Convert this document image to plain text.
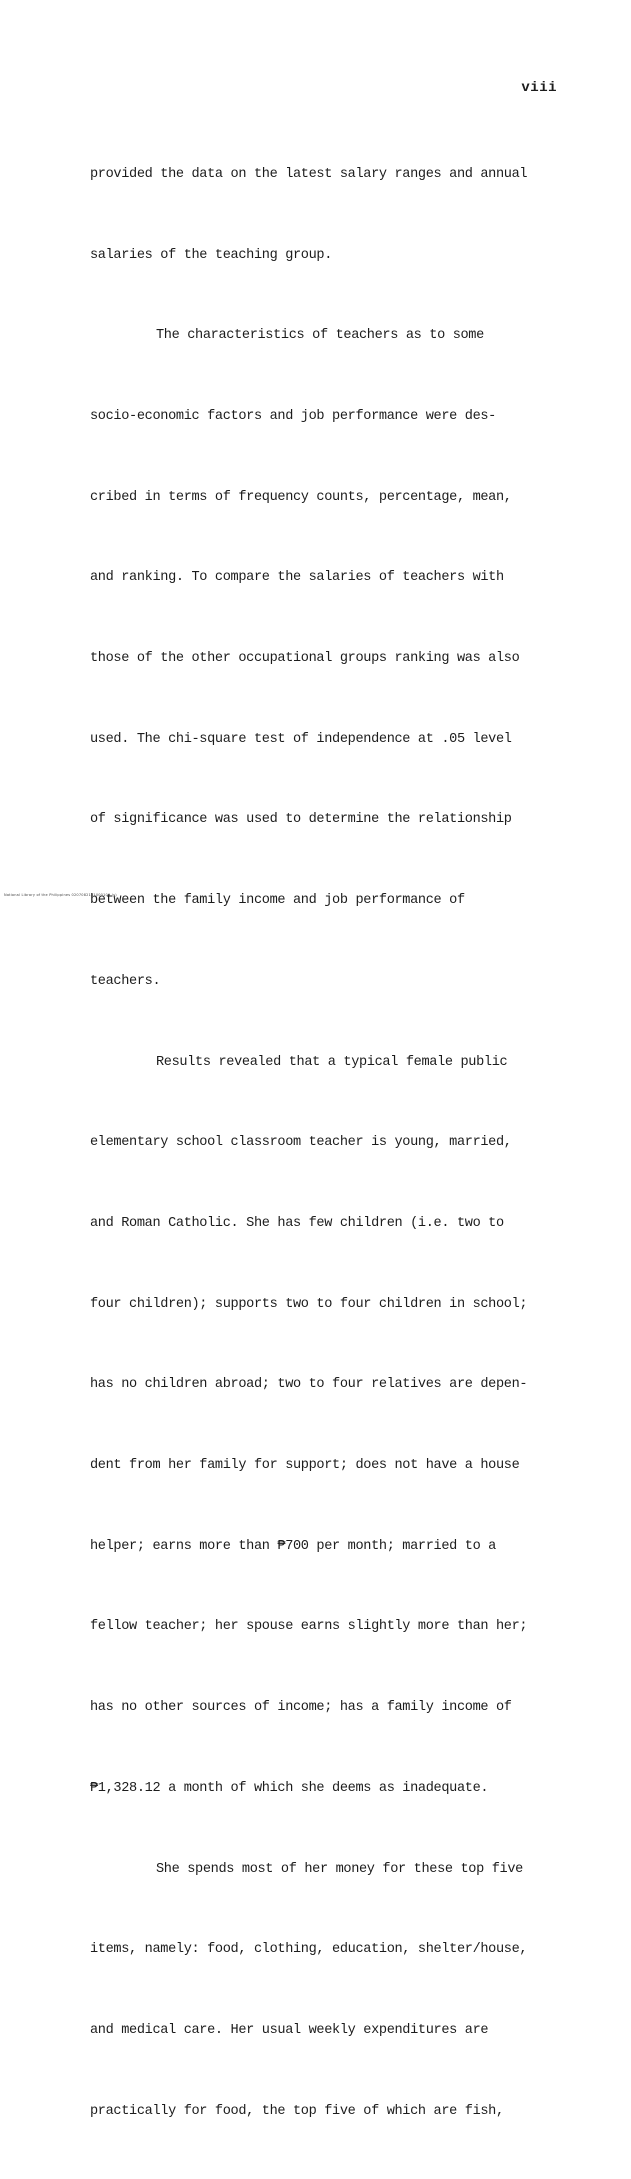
viii

provided the data on the latest salary ranges and annual

salaries of the teaching group.

The characteristics of teachers as to some

socio-economic factors and job performance were des-

cribed in terms of frequency counts, percentage, mean,

and ranking. To compare the salaries of teachers with

those of the other occupational groups ranking was also

used. The chi-square test of independence at .05 level

of significance was used to determine the relationship

between the family income and job performance of

teachers.

Results revealed that a typical female public

elementary school classroom teacher is young, married,

and Roman Catholic. She has few children (i.e. two to

four children); supports two to four children in school;

has no children abroad; two to four relatives are depen-

dent from her family for support; does not have a house

helper; earns more than ₱700 per month; married to a

fellow teacher; her spouse earns slightly more than her;

has no other sources of income; has a family income of

₱1,328.12 a month of which she deems as inadequate.

She spends most of her money for these top five

items, namely: food, clothing, education, shelter/house,

and medical care. Her usual weekly expenditures are

practically for food, the top five of which are fish,

National Library of the Philippines 0207082131000109 (s)
